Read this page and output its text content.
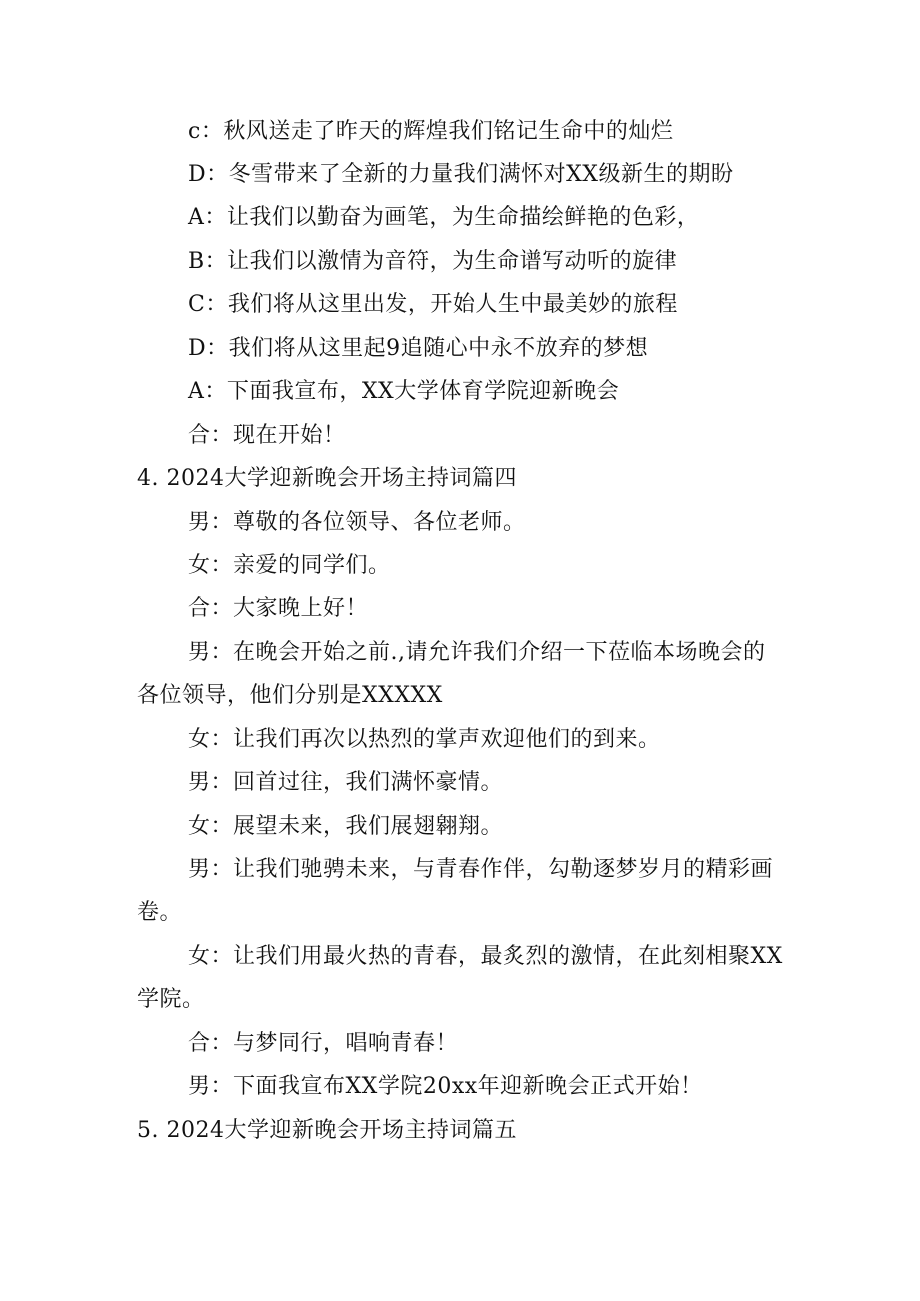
c：秋风送走了昨天的辉煌我们铭记生命中的灿烂
D：冬雪带来了全新的力量我们满怀对XX级新生的期盼
A：让我们以勤奋为画笔，为生命描绘鲜艳的色彩，
B：让我们以激情为音符，为生命谱写动听的旋律
C：我们将从这里出发，开始人生中最美妙的旅程
D：我们将从这里起9追随心中永不放弃的梦想
A：下面我宣布，XX大学体育学院迎新晚会
合：现在开始！
4. 2024大学迎新晚会开场主持词篇四
男：尊敬的各位领导、各位老师。
女：亲爱的同学们。
合：大家晚上好！
男：在晚会开始之前.,请允许我们介绍一下莅临本场晚会的
各位领导，他们分别是XXXXX
女：让我们再次以热烈的掌声欢迎他们的到来。
男：回首过往，我们满怀豪情。
女：展望未来，我们展翅翱翔。
男：让我们驰骋未来，与青春作伴，勾勒逐梦岁月的精彩画
卷。
女：让我们用最火热的青春，最炙烈的激情，在此刻相聚XX
学院。
合：与梦同行，唱响青春！
男：下面我宣布XX学院20xx年迎新晚会正式开始！
5. 2024大学迎新晚会开场主持词篇五
